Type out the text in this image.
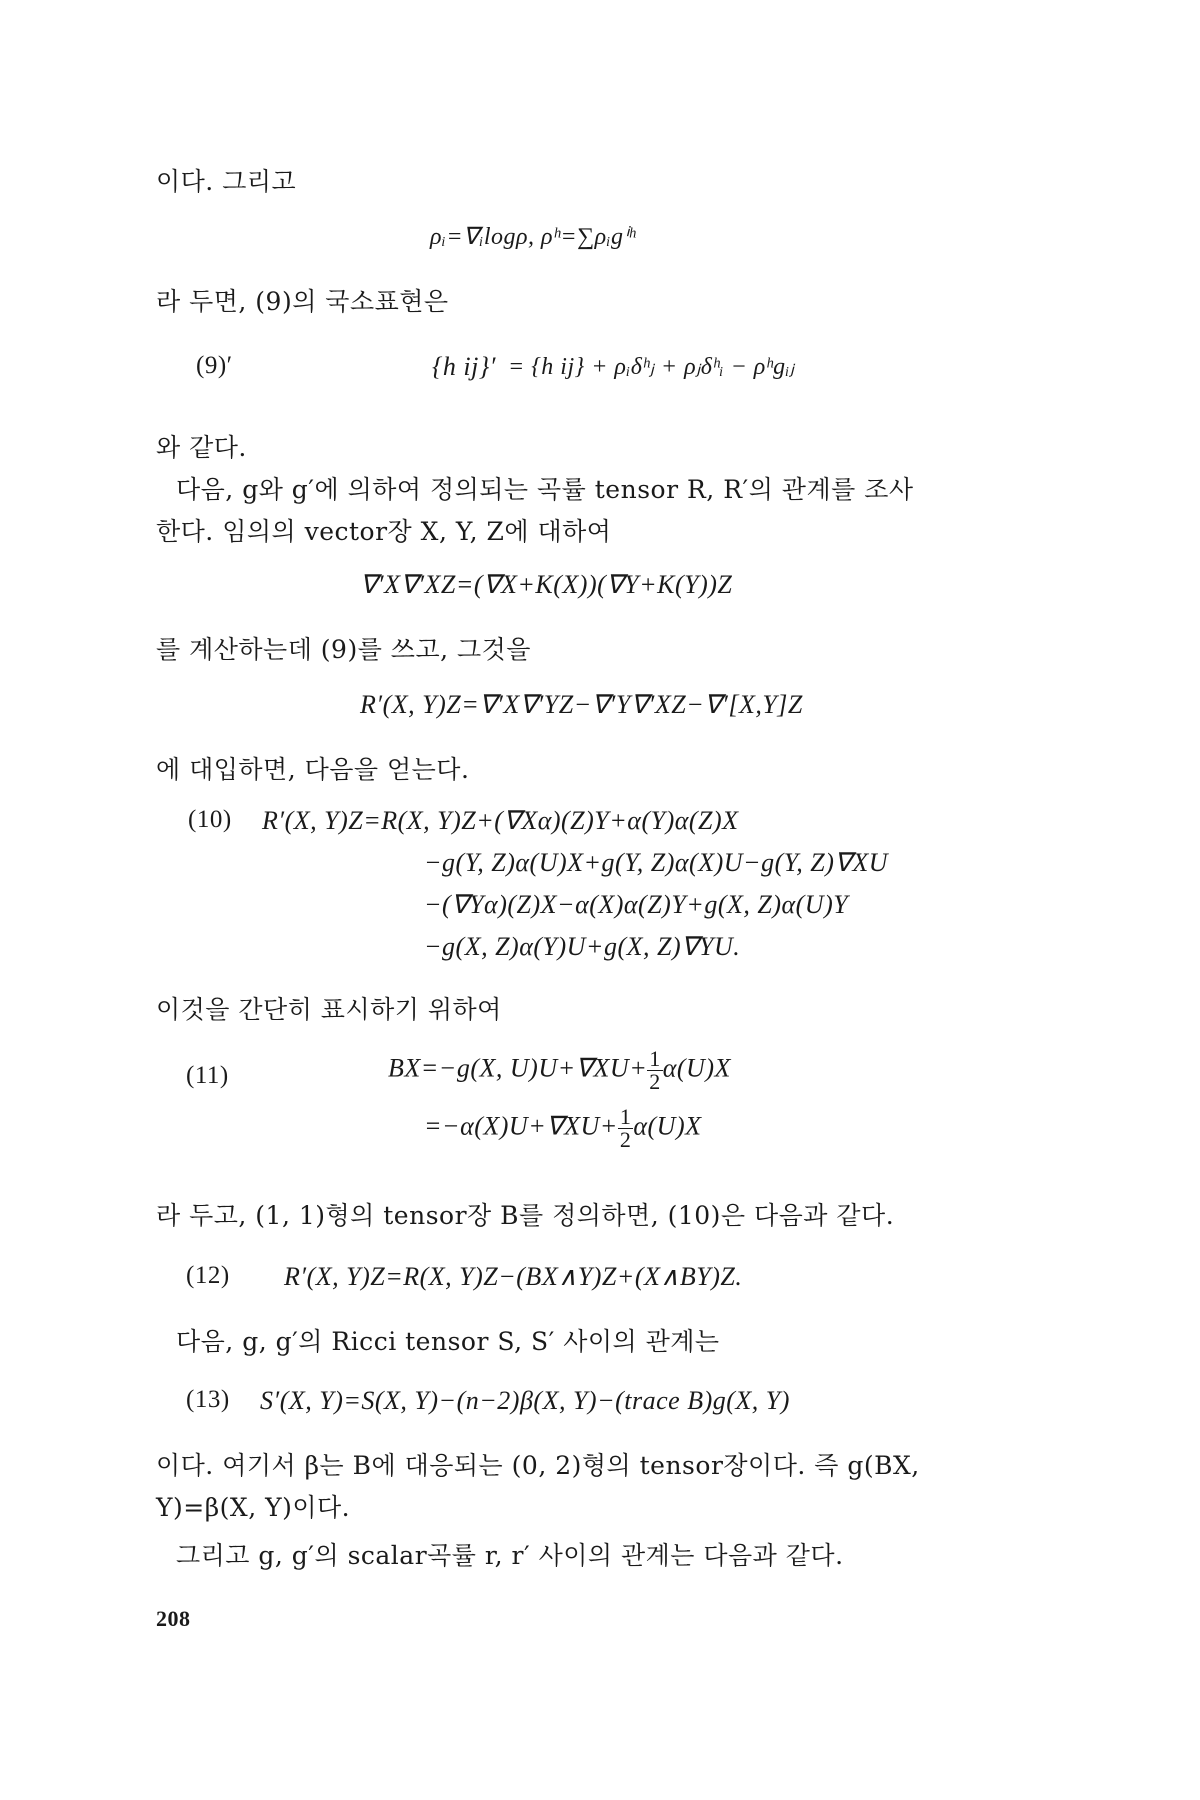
이다. 그리고
ρᵢ=∇ᵢlogρ, ρʰ=∑ρᵢgⁱʰ
라 두면, (9)의 국소표현은
(9)′	{h ij}′ = {h ij} + ρᵢδʰⱼ + ρⱼδʰᵢ − ρʰgᵢⱼ
와 같다.
다음, g와 g′에 의하여 정의되는 곡률 tensor R, R′의 관계를 조사
한다. 임의의 vector장 X, Y, Z에 대하여
∇′X∇′XZ=(∇X+K(X))(∇Y+K(Y))Z
를 계산하는데 (9)를 쓰고, 그것을
R′(X, Y)Z=∇′X∇′YZ−∇′Y∇′XZ−∇′[X,Y]Z
에 대입하면, 다음을 얻는다.
(10) R′(X, Y)Z=R(X, Y)Z+(∇Xα)(Z)Y+α(Y)α(Z)X
−g(Y, Z)α(U)X+g(Y, Z)α(X)U−g(Y, Z)∇XU
−(∇Yα)(Z)X−α(X)α(Z)Y+g(X, Z)α(U)Y
−g(X, Z)α(Y)U+g(X, Z)∇YU.
이것을 간단히 표시하기 위하여
(11)	BX=−g(X, $U)U+\nabla XU+ \frac{1}{2} \alpha(U)X$
$=-\alpha(X)U+\nabla XU+ \frac{1}{2} \alpha(U)X$
라 두고, (1, 1)형의 tensor장 B를 정의하면, (10)은 다음과 같다.
(12) R′(X, Y)Z=R(X, Y)Z−(BX∧Y)Z+(X∧BY)Z.
다음, g, g′의 Ricci tensor S, S′ 사이의 관계는
(13) S′(X, Y)=S(X, Y)−(n−2)β(X, Y)−(trace B)g(X, Y)
이다. 여기서 β는 B에 대응되는 (0, 2)형의 tensor장이다. 즉 g(BX,
Y)=β(X, Y)이다.
그리고 g, g′의 scalar곡률 r, r′ 사이의 관계는 다음과 같다.
208
